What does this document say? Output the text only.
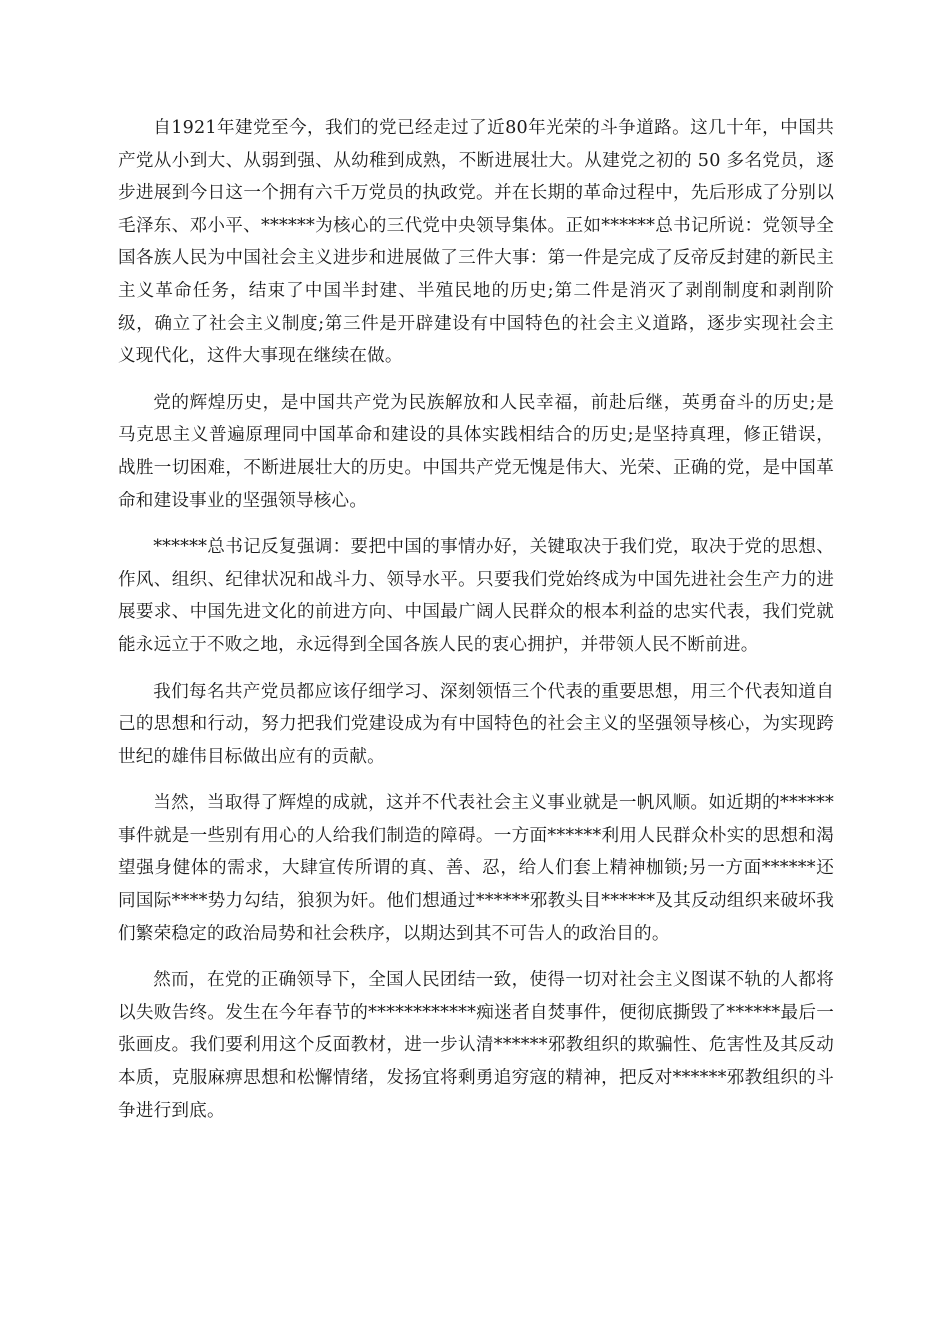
自1921年建党至今，我们的党已经走过了近80年光荣的斗争道路。这几十年，中国共产党从小到大、从弱到强、从幼稚到成熟，不断进展壮大。从建党之初的 50 多名党员，逐步进展到今日这一个拥有六千万党员的执政党。并在长期的革命过程中，先后形成了分别以毛泽东、邓小平、******为核心的三代党中央领导集体。正如******总书记所说：党领导全国各族人民为中国社会主义进步和进展做了三件大事：第一件是完成了反帝反封建的新民主主义革命任务，结束了中国半封建、半殖民地的历史;第二件是消灭了剥削制度和剥削阶级，确立了社会主义制度;第三件是开辟建设有中国特色的社会主义道路，逐步实现社会主义现代化，这件大事现在继续在做。

党的辉煌历史，是中国共产党为民族解放和人民幸福，前赴后继，英勇奋斗的历史;是马克思主义普遍原理同中国革命和建设的具体实践相结合的历史;是坚持真理，修正错误，战胜一切困难，不断进展壮大的历史。中国共产党无愧是伟大、光荣、正确的党，是中国革命和建设事业的坚强领导核心。

******总书记反复强调：要把中国的事情办好，关键取决于我们党，取决于党的思想、作风、组织、纪律状况和战斗力、领导水平。只要我们党始终成为中国先进社会生产力的进展要求、中国先进文化的前进方向、中国最广阔人民群众的根本利益的忠实代表，我们党就能永远立于不败之地，永远得到全国各族人民的衷心拥护，并带领人民不断前进。

我们每名共产党员都应该仔细学习、深刻领悟三个代表的重要思想，用三个代表知道自己的思想和行动，努力把我们党建设成为有中国特色的社会主义的坚强领导核心，为实现跨世纪的雄伟目标做出应有的贡献。

当然，当取得了辉煌的成就，这并不代表社会主义事业就是一帆风顺。如近期的******事件就是一些别有用心的人给我们制造的障碍。一方面******利用人民群众朴实的思想和渴望强身健体的需求，大肆宣传所谓的真、善、忍，给人们套上精神枷锁;另一方面******还同国际****势力勾结，狼狈为奸。他们想通过******邪教头目******及其反动组织来破坏我们繁荣稳定的政治局势和社会秩序，以期达到其不可告人的政治目的。

然而，在党的正确领导下，全国人民团结一致，使得一切对社会主义图谋不轨的人都将以失败告终。发生在今年春节的************痴迷者自焚事件，便彻底撕毁了******最后一张画皮。我们要利用这个反面教材，进一步认清******邪教组织的欺骗性、危害性及其反动本质，克服麻痹思想和松懈情绪，发扬宜将剩勇追穷寇的精神，把反对******邪教组织的斗争进行到底。
